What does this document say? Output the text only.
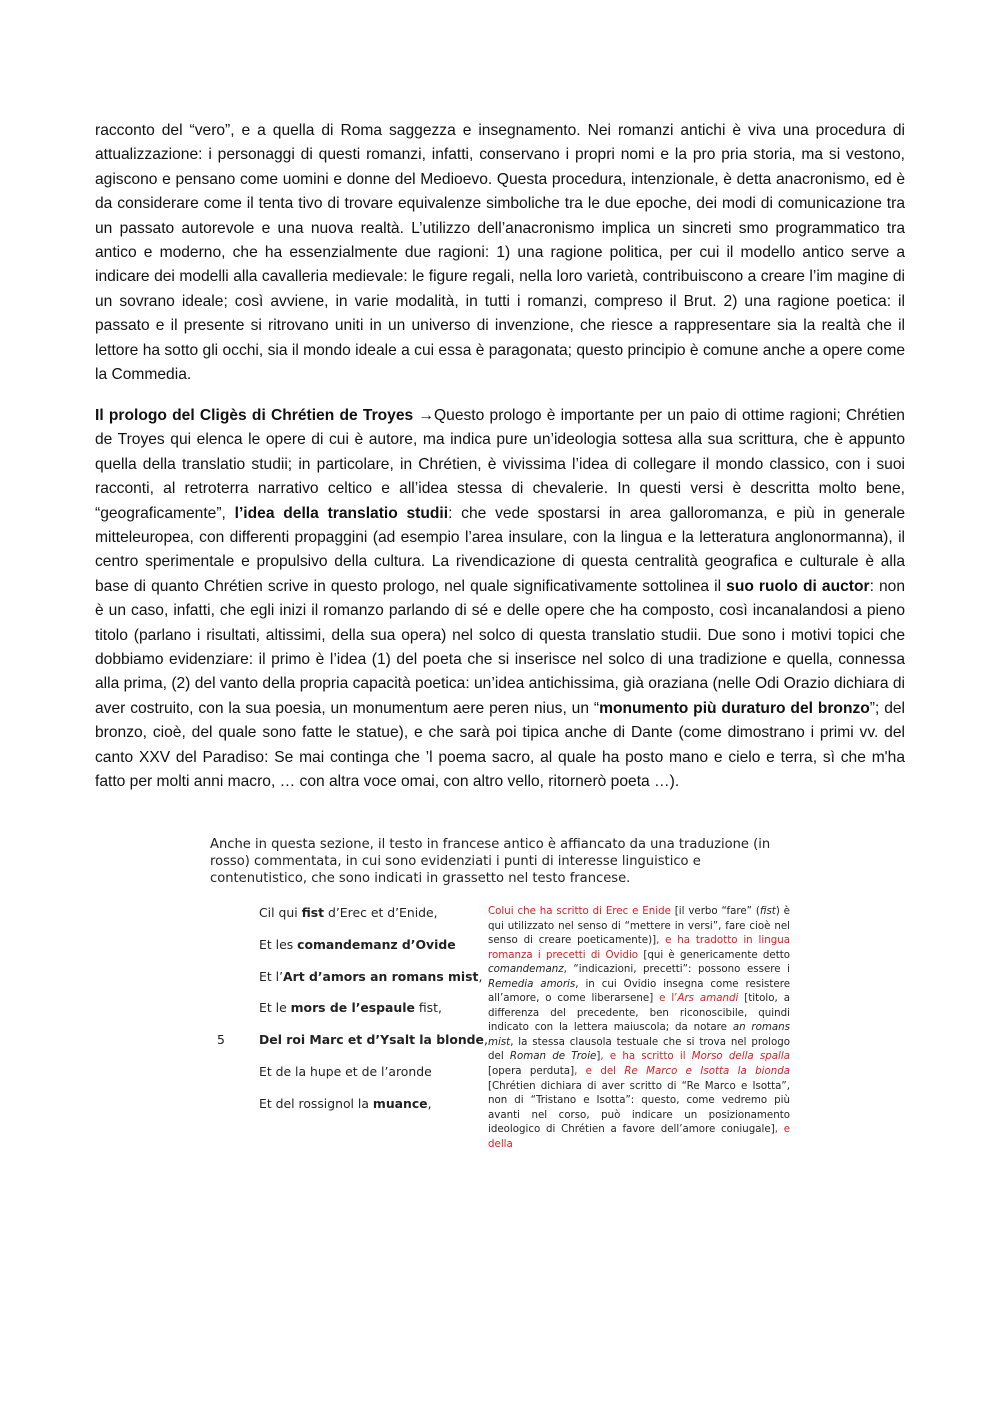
racconto del “vero”, e a quella di Roma saggezza e insegnamento. Nei romanzi antichi è viva una procedura di attualizzazione: i personaggi di questi romanzi, infatti, conservano i propri nomi e la pro pria storia, ma si vestono, agiscono e pensano come uomini e donne del Medioevo. Questa procedura, intenzionale, è detta anacronismo, ed è da considerare come il tenta tivo di trovare equivalenze simboliche tra le due epoche, dei modi di comunicazione tra un passato autorevole e una nuova realtà. L’utilizzo dell’anacronismo implica un sincreti smo programmatico tra antico e moderno, che ha essenzialmente due ragioni: 1) una ragione politica, per cui il modello antico serve a indicare dei modelli alla cavalleria medievale: le figure regali, nella loro varietà, contribuiscono a creare l’im magine di un sovrano ideale; così avviene, in varie modalità, in tutti i romanzi, compreso il Brut. 2) una ragione poetica: il passato e il presente si ritrovano uniti in un universo di invenzione, che riesce a rappresentare sia la realtà che il lettore ha sotto gli occhi, sia il mondo ideale a cui essa è paragonata; questo principio è comune anche a opere come la Commedia.

Il prologo del Cligès di Chrétien de Troyes →Questo prologo è importante per un paio di ottime ragioni; Chrétien de Troyes qui elenca le opere di cui è autore, ma indica pure un’ideologia sottesa alla sua scrittura, che è appunto quella della translatio studii; in particolare, in Chrétien, è vivissima l’idea di collegare il mondo classico, con i suoi racconti, al retroterra narrativo celtico e all’idea stessa di chevalerie. In questi versi è descritta molto bene, “geograficamente”, l’idea della translatio studii: che vede spostarsi in area galloromanza, e più in generale mitteleuropea, con differenti propaggini (ad esempio l’area insulare, con la lingua e la letteratura anglonormanna), il centro sperimentale e propulsivo della cultura. La rivendicazione di questa centralità geografica e culturale è alla base di quanto Chrétien scrive in questo prologo, nel quale significativamente sottolinea il suo ruolo di auctor: non è un caso, infatti, che egli inizi il romanzo parlando di sé e delle opere che ha composto, così incanalandosi a pieno titolo (parlano i risultati, altissimi, della sua opera) nel solco di questa translatio studii. Due sono i motivi topici che dobbiamo evidenziare: il primo è l’idea (1) del poeta che si inserisce nel solco di una tradizione e quella, connessa alla prima, (2) del vanto della propria capacità poetica: un’idea antichissima, già oraziana (nelle Odi Orazio dichiara di aver costruito, con la sua poesia, un monumentum aere peren nius, un “monumento più duraturo del bronzo”; del bronzo, cioè, del quale sono fatte le statue), e che sarà poi tipica anche di Dante (come dimostrano i primi vv. del canto XXV del Paradiso: Se mai continga che ’l poema sacro, al quale ha posto mano e cielo e terra, sì che m'ha fatto per molti anni macro, … con altra voce omai, con altro vello, ritornerò poeta …).

Anche in questa sezione, il testo in francese antico è affiancato da una traduzione (in rosso) commentata, in cui sono evidenziati i punti di interesse linguistico e contenutistico, che sono indicati in grassetto nel testo francese.

Cil qui fist d’Erec et d’Enide,
Et les comandemanz d’Ovide
Et l’Art d’amors an romans mist,
Et le mors de l’espaule fist,
5	Del roi Marc et d’Ysalt la blonde,
Et de la hupe et de l’aronde
Et del rossignol la muance,
Colui che ha scritto di Erec e Enide [il verbo “fare” (fist) è qui utilizzato nel senso di “mettere in versi”, fare cioè nel senso di creare poeticamente)], e ha tradotto in lingua romanza i precetti di Ovidio [qui è genericamente detto comandemanz, “indicazioni, precetti”: possono essere i Remedia amoris, in cui Ovidio insegna come resistere all’amore, o come liberarsene] e l’Ars amandi [titolo, a differenza del precedente, ben riconoscibile, quindi indicato con la lettera maiuscola; da notare an romans mist, la stessa clausola testuale che si trova nel prologo del Roman de Troie], e ha scritto il Morso della spalla [opera perduta], e del Re Marco e Isotta la bionda [Chrétien dichiara di aver scritto di “Re Marco e Isotta”, non di “Tristano e Isotta”: questo, come vedremo più avanti nel corso, può indicare un posizionamento ideologico di Chrétien a favore dell’amore coniugale], e della
